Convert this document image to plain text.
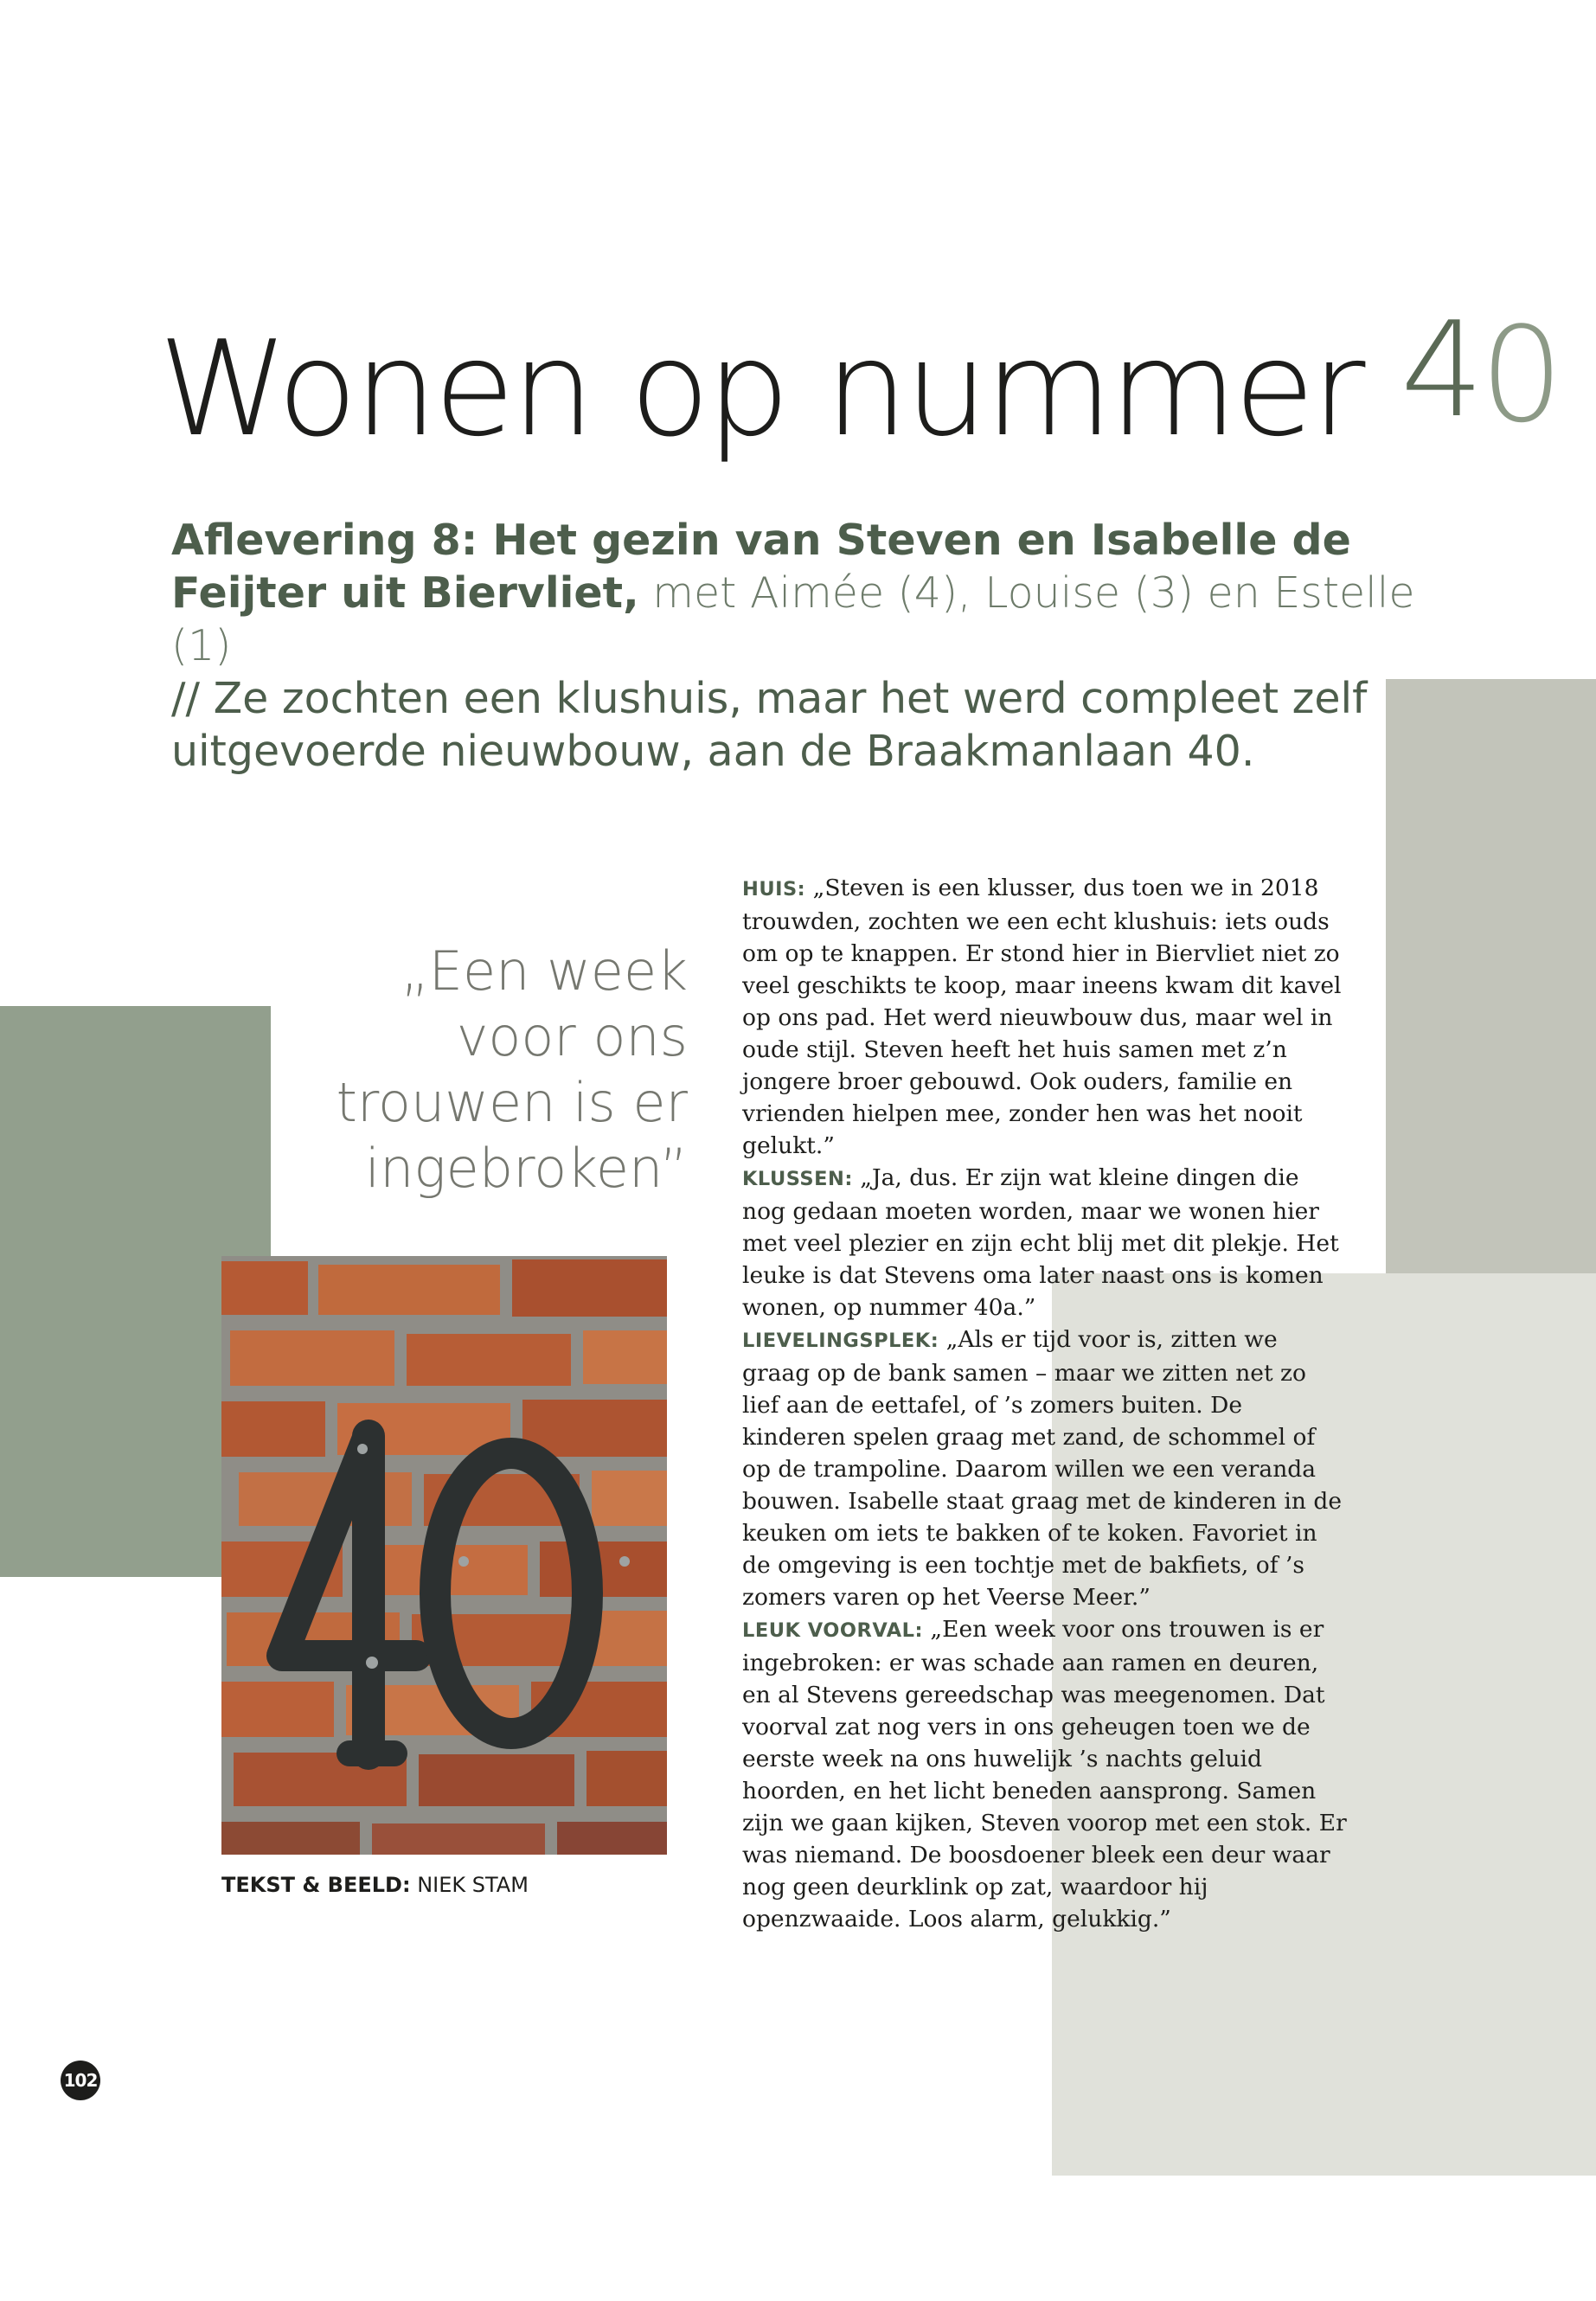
Wonen op nummer 4 0

Aflevering 8: Het gezin van Steven en Isabelle de Feijter uit Biervliet, met Aimée (4), Louise (3) en Estelle (1)
// Ze zochten een klushuis, maar het werd compleet zelf uitgevoerde nieuwbouw, aan de Braakmanlaan 40.

„Een week voor ons trouwen is er ingebroken”

TEKST & BEELD: NIEK STAM

HUIS: „Steven is een klusser, dus toen we in 2018 trouwden, zochten we een echt klushuis: iets ouds om op te knappen. Er stond hier in Biervliet niet zo veel geschikts te koop, maar ineens kwam dit kavel op ons pad. Het werd nieuwbouw dus, maar wel in oude stijl. Steven heeft het huis samen met z’n jongere broer gebouwd. Ook ouders, familie en vrienden hielpen mee, zonder hen was het nooit gelukt.”

KLUSSEN: „Ja, dus. Er zijn wat kleine dingen die nog gedaan moeten worden, maar we wonen hier met veel plezier en zijn echt blij met dit plekje. Het leuke is dat Stevens oma later naast ons is komen wonen, op nummer 40a.”

LIEVELINGSPLEK: „Als er tijd voor is, zitten we graag op de bank samen – maar we zitten net zo lief aan de eettafel, of ’s zomers buiten. De kinderen spelen graag met zand, de schommel of op de trampoline. Daarom willen we een veranda bouwen. Isabelle staat graag met de kinderen in de keuken om iets te bakken of te koken. Favoriet in de omgeving is een tochtje met de bakfiets, of ’s zomers varen op het Veerse Meer.”

LEUK VOORVAL: „Een week voor ons trouwen is er ingebroken: er was schade aan ramen en deuren, en al Stevens gereedschap was meegenomen. Dat voorval zat nog vers in ons geheugen toen we de eerste week na ons huwelijk ’s nachts geluid hoorden, en het licht beneden aansprong. Samen zijn we gaan kijken, Steven voorop met een stok. Er was niemand. De boosdoener bleek een deur waar nog geen deurklink op zat, waardoor hij openzwaaide. Loos alarm, gelukkig.”

102
